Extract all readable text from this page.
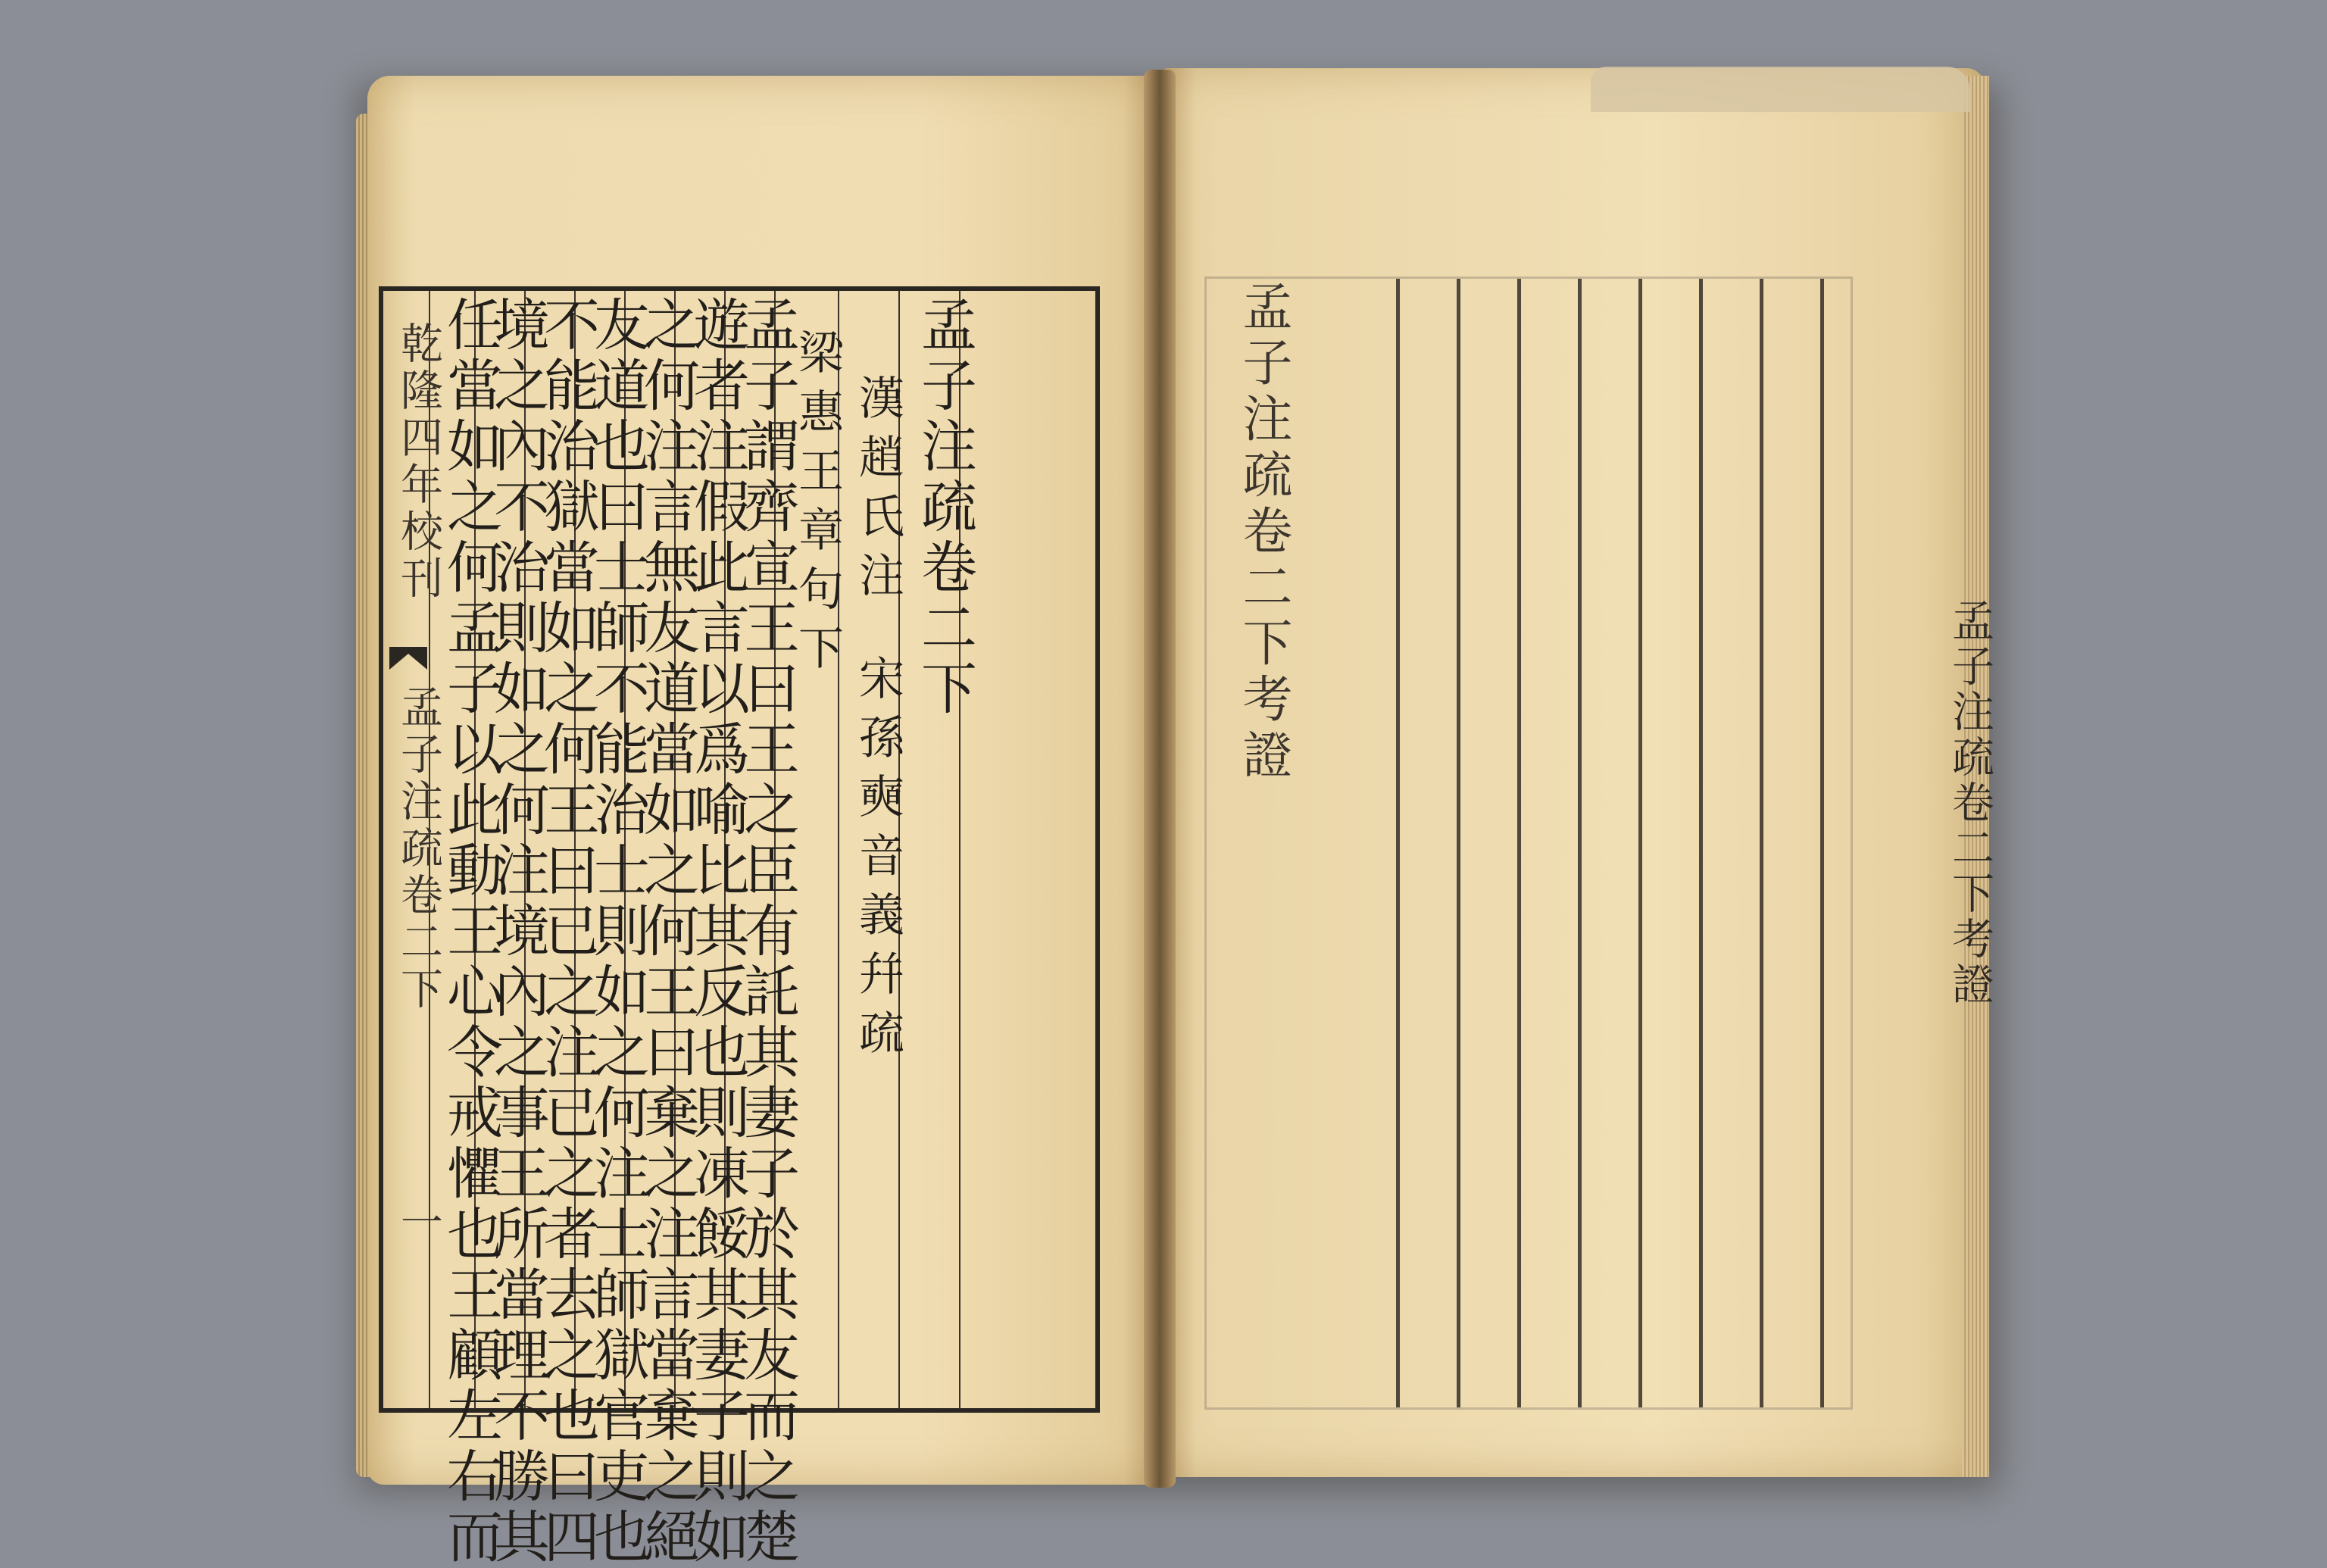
乾隆四年校刊
孟子注疏卷二下
一
任當如之何孟子以此動王心令戒懼也王顧左右而
境之內不治則如之何注境內之事王所當理不勝其
不能治獄當如之何王曰已之注已之者去之也曰四
友道也曰士師不能治士則如之何注士師獄官吏也
之何注言無友道當如之何王曰棄之注言當棄之絕
遊者注假此言以爲喻比其反也則凍餒其妻子則如
孟子謂齊宣王曰王之臣有託其妻子於其友而之楚
梁惠王章句下 漢趙氏注
宋孫奭音義幷疏
孟子注疏卷二下	孟子注疏卷二下考證
孟子注疏卷二下考證
